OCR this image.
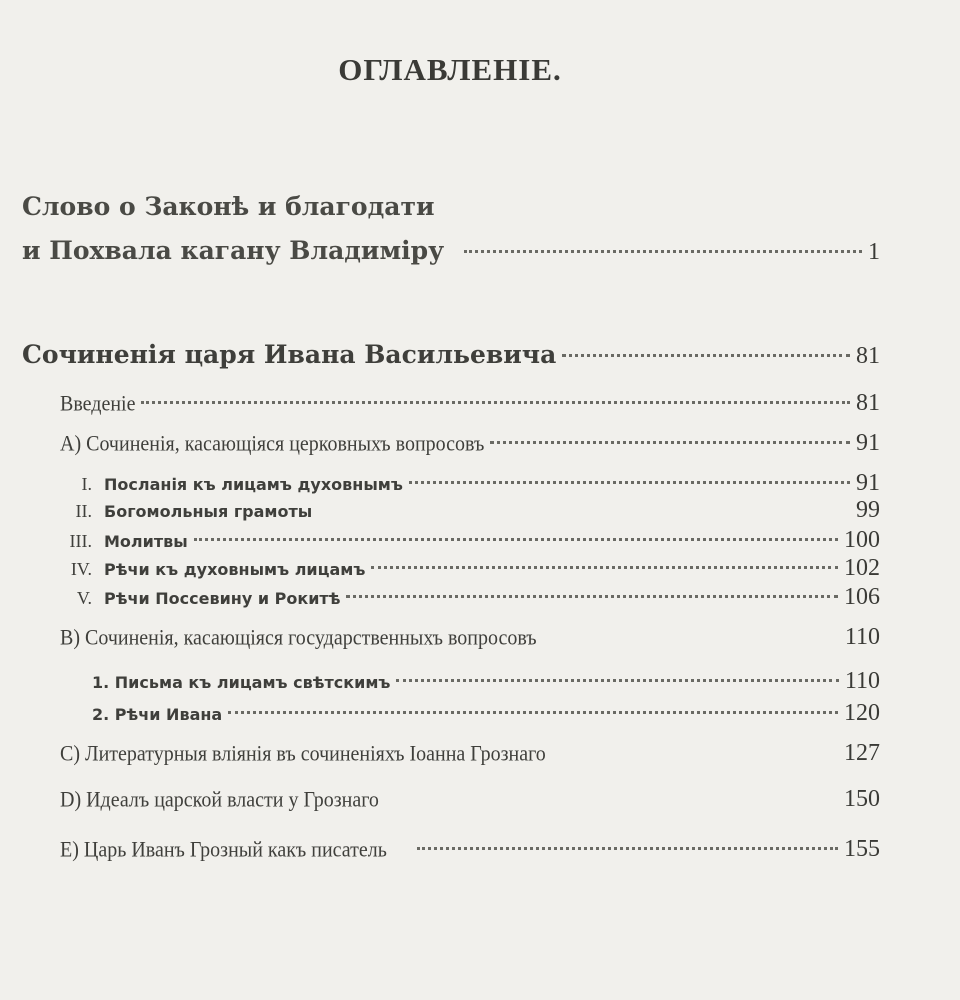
ОГЛАВЛЕНІЕ.
Слово о Законѣ и благодати
и Похвала кагану Владиміру	1
Сочиненія царя Ивана Васильевича	81
Введеніе	81
А) Сочиненія, касающіяся церковныхъ вопросовъ	91
I. Посланія къ лицамъ духовнымъ	91
II. Богомольныя грамоты	99
III. Молитвы	100
IV. Рѣчи къ духовнымъ лицамъ	102
V. Рѣчи Поссевину и Рокитѣ	106
B) Сочиненія, касающіяся государственныхъ вопросовъ	110
1. Письма къ лицамъ свѣтскимъ	110
2. Рѣчи Ивана	120
С) Литературныя вліянія въ сочиненіяхъ Іоанна Грознаго	127
D) Идеалъ царской власти у Грознаго	150
Е) Царь Иванъ Грозный какъ писатель	155
